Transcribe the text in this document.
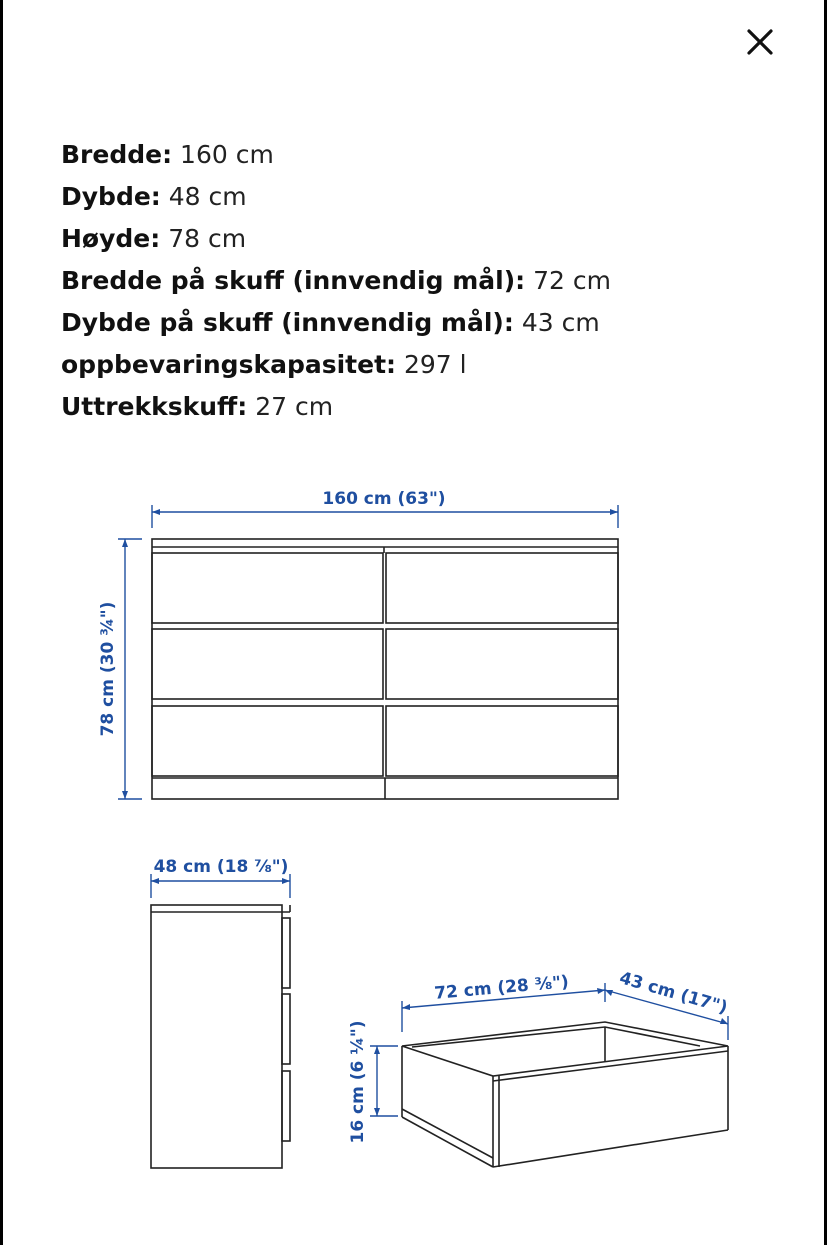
Bredde: 160 cm
Dybde: 48 cm
Høyde: 78 cm
Bredde på skuff (innvendig mål): 72 cm
Dybde på skuff (innvendig mål): 43 cm
oppbevaringskapasitet: 297 l
Uttrekkskuff: 27 cm
160 cm (63")
78 cm (30 ¾")
48 cm (18 ⅞")
72 cm (28 ⅜")	43 cm (17")
16 cm (6 ¼")
